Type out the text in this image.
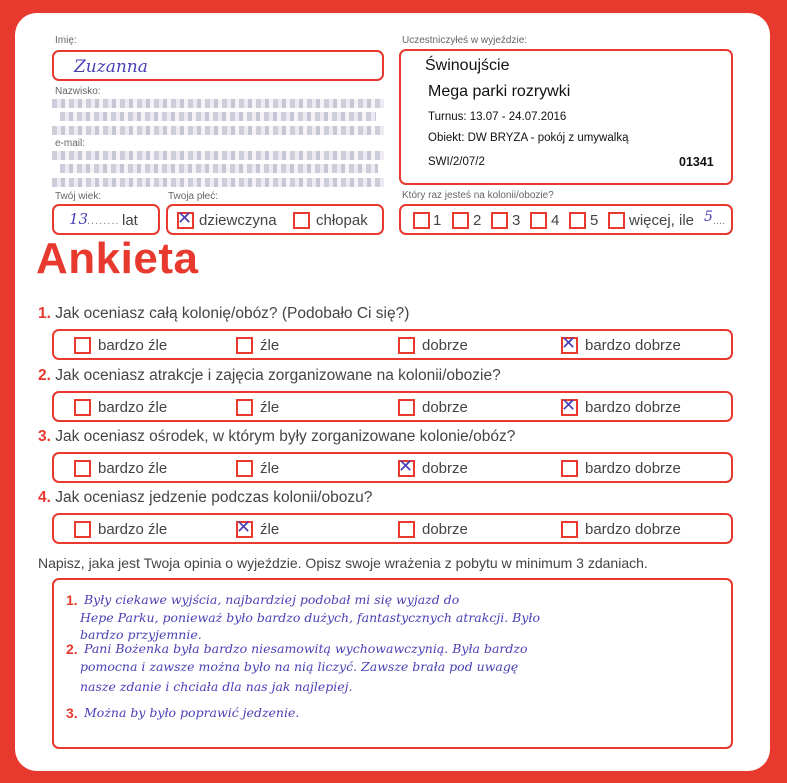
Imię:
Zuzanna
Nazwisko:
e-mail:
Twój wiek:
13
........ lat
Twoja płeć:
✕ dziewczyna	chłopak
Uczestniczyłeś w wyjeździe:
Świnoujście
Mega parki rozrywki
Turnus: 13.07 - 24.07.2016
Obiekt: DW BRYZA - pokój z umywalką
SWI/2/07/2	01341
Który raz jesteś na kolonii/obozie?
1 2 3 4 5 więcej, ile 5 ....
Ankieta
1. Jak oceniasz całą kolonię/obóz? (Podobało Ci się?)
bardzo źle	źle	dobrze	✕ bardzo dobrze
2. Jak oceniasz atrakcje i zajęcia zorganizowane na kolonii/obozie?
bardzo źle	źle	dobrze	✕ bardzo dobrze
3. Jak oceniasz ośrodek, w którym były zorganizowane kolonie/obóz?
bardzo źle	źle	✕ dobrze	bardzo dobrze
4. Jak oceniasz jedzenie podczas kolonii/obozu?
bardzo źle	✕ źle	dobrze	bardzo dobrze
Napisz, jaka jest Twoja opinia o wyjeździe. Opisz swoje wrażenia z pobytu w minimum 3 zdaniach.
1. Były ciekawe wyjścia, najbardziej podobał mi się wyjazd do
Hepe Parku, ponieważ było bardzo dużych, fantastycznych atrakcji. Było
bardzo przyjemnie.
2. Pani Bożenka była bardzo niesamowitą wychowawczynią. Była bardzo
pomocna i zawsze można było na nią liczyć. Zawsze brała pod uwagę
nasze zdanie i chciała dla nas jak najlepiej.
3. Można by było poprawić jedzenie.
